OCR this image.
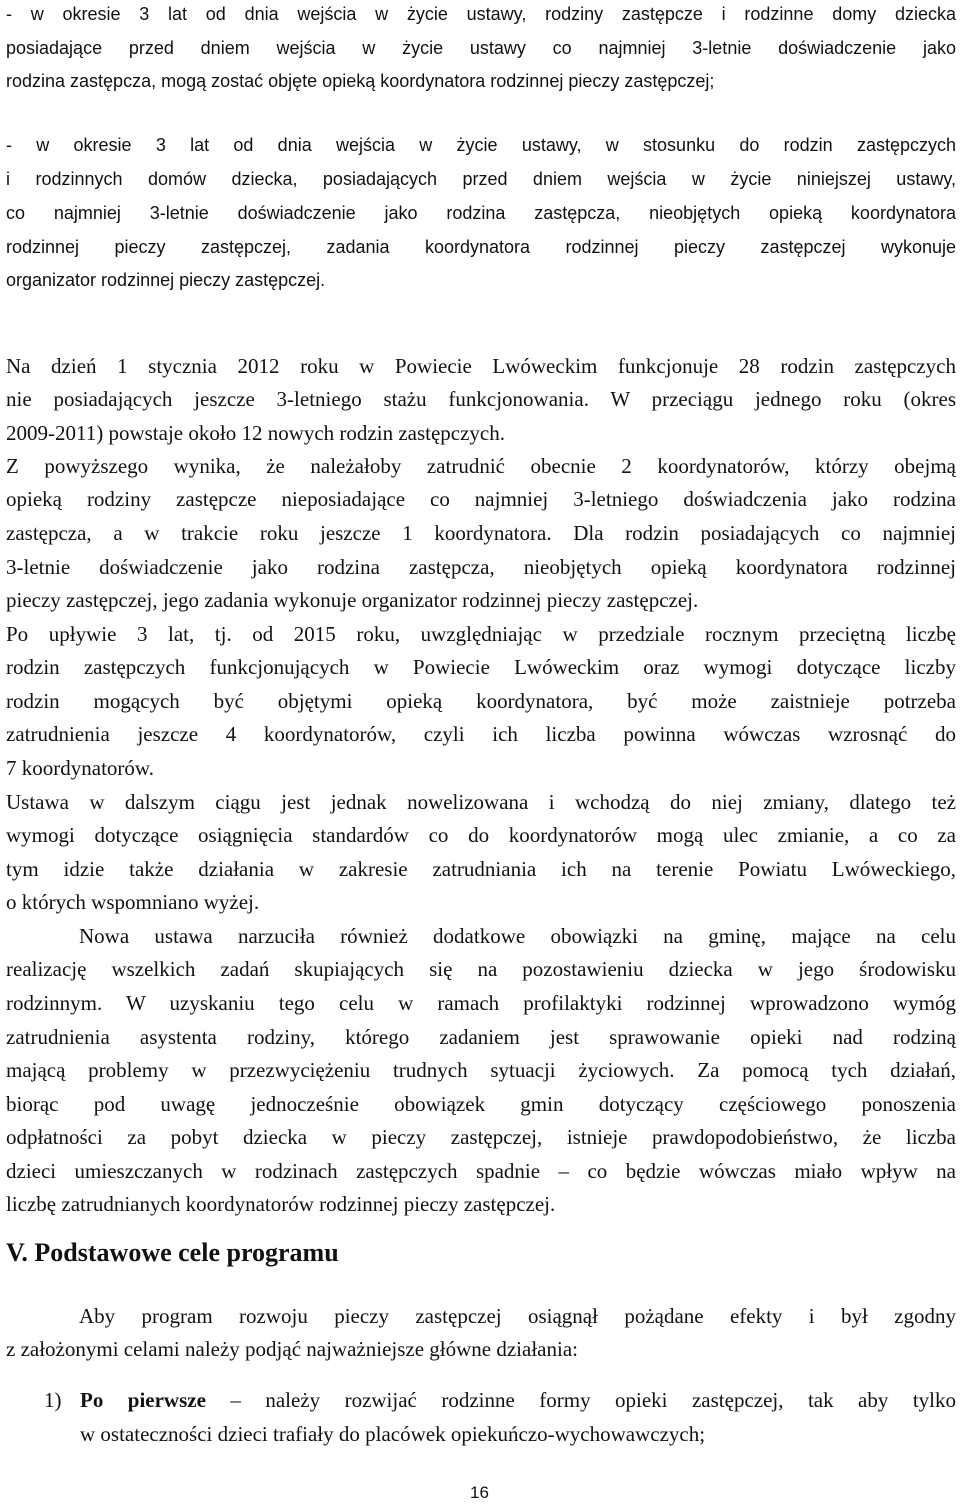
- w okresie 3 lat od dnia wejścia w życie ustawy, rodziny zastępcze i rodzinne domy dziecka
posiadające przed dniem wejścia w życie ustawy co najmniej 3-letnie doświadczenie jako
rodzina zastępcza, mogą zostać objęte opieką koordynatora rodzinnej pieczy zastępczej;
- w okresie 3 lat od dnia wejścia w życie ustawy, w stosunku do rodzin zastępczych
i rodzinnych domów dziecka, posiadających przed dniem wejścia w życie niniejszej ustawy,
co najmniej 3-letnie doświadczenie jako rodzina zastępcza, nieobjętych opieką koordynatora
rodzinnej pieczy zastępczej, zadania koordynatora rodzinnej pieczy zastępczej wykonuje
organizator rodzinnej pieczy zastępczej.
Na dzień 1 stycznia 2012 roku w Powiecie Lwóweckim funkcjonuje 28 rodzin zastępczych
nie posiadających jeszcze 3-letniego stażu funkcjonowania. W przeciągu jednego roku (okres
2009-2011) powstaje około 12 nowych rodzin zastępczych.
Z powyższego wynika, że należałoby zatrudnić obecnie 2 koordynatorów, którzy obejmą
opieką rodziny zastępcze nieposiadające co najmniej 3-letniego doświadczenia jako rodzina
zastępcza, a w trakcie roku jeszcze 1 koordynatora. Dla rodzin posiadających co najmniej
3-letnie doświadczenie jako rodzina zastępcza, nieobjętych opieką koordynatora rodzinnej
pieczy zastępczej, jego zadania wykonuje organizator rodzinnej pieczy zastępczej.
Po upływie 3 lat, tj. od 2015 roku, uwzględniając w przedziale rocznym przeciętną liczbę
rodzin zastępczych funkcjonujących w Powiecie Lwóweckim oraz wymogi dotyczące liczby
rodzin mogących być objętymi opieką koordynatora, być może zaistnieje potrzeba
zatrudnienia jeszcze 4 koordynatorów, czyli ich liczba powinna wówczas wzrosnąć do
7 koordynatorów.
Ustawa w dalszym ciągu jest jednak nowelizowana i wchodzą do niej zmiany, dlatego też
wymogi dotyczące osiągnięcia standardów co do koordynatorów mogą ulec zmianie, a co za
tym idzie także działania w zakresie zatrudniania ich na terenie Powiatu Lwóweckiego,
o których wspomniano wyżej.
Nowa ustawa narzuciła również dodatkowe obowiązki na gminę, mające na celu
realizację wszelkich zadań skupiających się na pozostawieniu dziecka w jego środowisku
rodzinnym. W uzyskaniu tego celu w ramach profilaktyki rodzinnej wprowadzono wymóg
zatrudnienia asystenta rodziny, którego zadaniem jest sprawowanie opieki nad rodziną
mającą problemy w przezwyciężeniu trudnych sytuacji życiowych. Za pomocą tych działań,
biorąc pod uwagę jednocześnie obowiązek gmin dotyczący częściowego ponoszenia
odpłatności za pobyt dziecka w pieczy zastępczej, istnieje prawdopodobieństwo, że liczba
dzieci umieszczanych w rodzinach zastępczych spadnie – co będzie wówczas miało wpływ na
liczbę zatrudnianych koordynatorów rodzinnej pieczy zastępczej.
V. Podstawowe cele programu
Aby program rozwoju pieczy zastępczej osiągnął pożądane efekty i był zgodny
z założonymi celami należy podjąć najważniejsze główne działania:
1) Po pierwsze – należy rozwijać rodzinne formy opieki zastępczej, tak aby tylko
w ostateczności dzieci trafiały do placówek opiekuńczo-wychowawczych;
16
